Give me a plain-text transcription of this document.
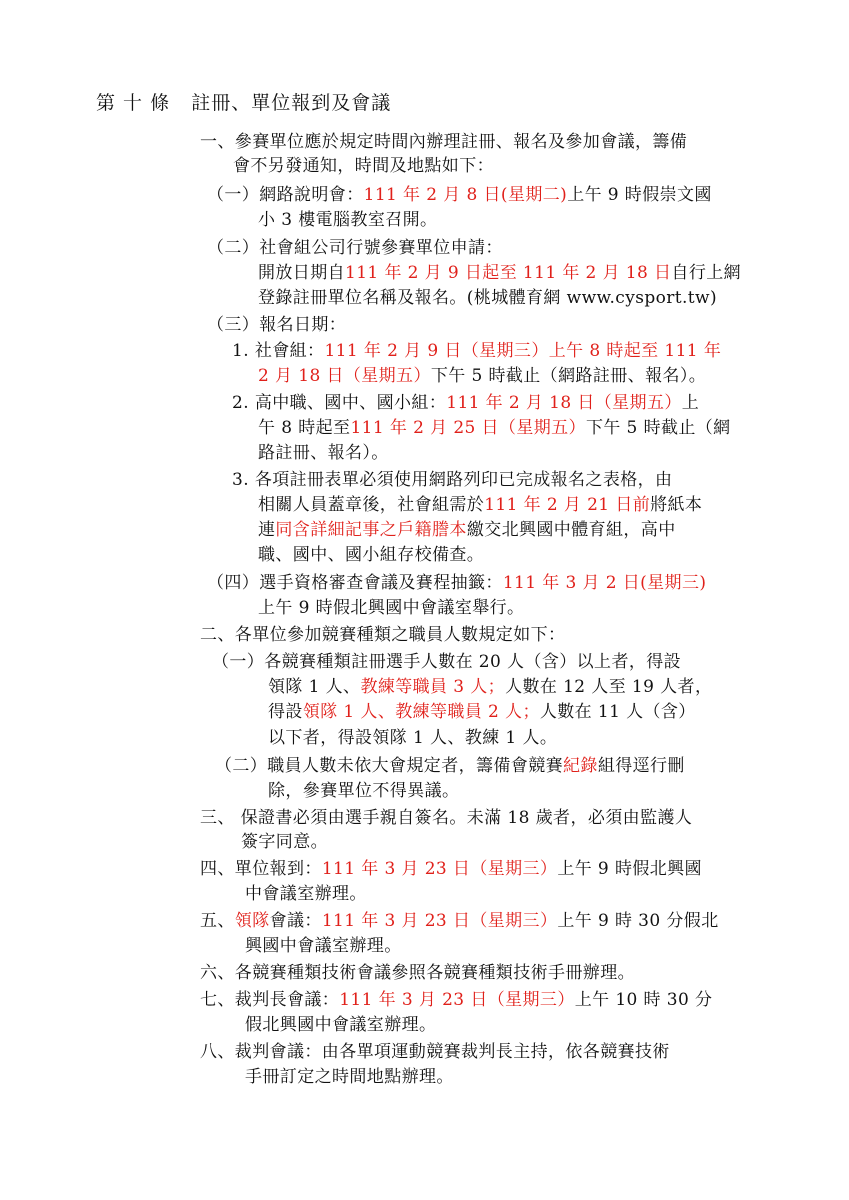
第 十 條 註冊、單位報到及會議
一、參賽單位應於規定時間內辦理註冊、報名及參加會議，籌備
會不另發通知，時間及地點如下：
（一）網路說明會：111 年 2 月 8 日(星期二)上午 9 時假崇文國
小 3 樓電腦教室召開。
（二）社會組公司行號參賽單位申請：
開放日期自111 年 2 月 9 日起至 111 年 2 月 18 日自行上網
登錄註冊單位名稱及報名。(桃城體育網 www.cysport.tw)
（三）報名日期：
1. 社會組：111 年 2 月 9 日（星期三）上午 8 時起至 111 年
2 月 18 日（星期五）下午 5 時截止（網路註冊、報名）。
2. 高中職、國中、國小組：111 年 2 月 18 日（星期五）上
午 8 時起至111 年 2 月 25 日（星期五）下午 5 時截止（網
路註冊、報名）。
3. 各項註冊表單必須使用網路列印已完成報名之表格，由
相關人員蓋章後，社會組需於111 年 2 月 21 日前將紙本
連同含詳細記事之戶籍謄本繳交北興國中體育組，高中
職、國中、國小組存校備查。
（四）選手資格審查會議及賽程抽籤：111 年 3 月 2 日(星期三)
上午 9 時假北興國中會議室舉行。
二、各單位參加競賽種類之職員人數規定如下：
（一）各競賽種類註冊選手人數在 20 人（含）以上者，得設
領隊 1 人、教練等職員 3 人；人數在 12 人至 19 人者，
得設領隊 1 人、教練等職員 2 人；人數在 11 人（含）
以下者，得設領隊 1 人、教練 1 人。
（二）職員人數未依大會規定者，籌備會競賽紀錄組得逕行刪
除，參賽單位不得異議。
三、 保證書必須由選手親自簽名。未滿 18 歲者，必須由監護人
簽字同意。
四、單位報到：111 年 3 月 23 日（星期三）上午 9 時假北興國
中會議室辦理。
五、領隊會議：111 年 3 月 23 日（星期三）上午 9 時 30 分假北
興國中會議室辦理。
六、各競賽種類技術會議參照各競賽種類技術手冊辦理。
七、裁判長會議：111 年 3 月 23 日（星期三）上午 10 時 30 分
假北興國中會議室辦理。
八、裁判會議：由各單項運動競賽裁判長主持，依各競賽技術
手冊訂定之時間地點辦理。
